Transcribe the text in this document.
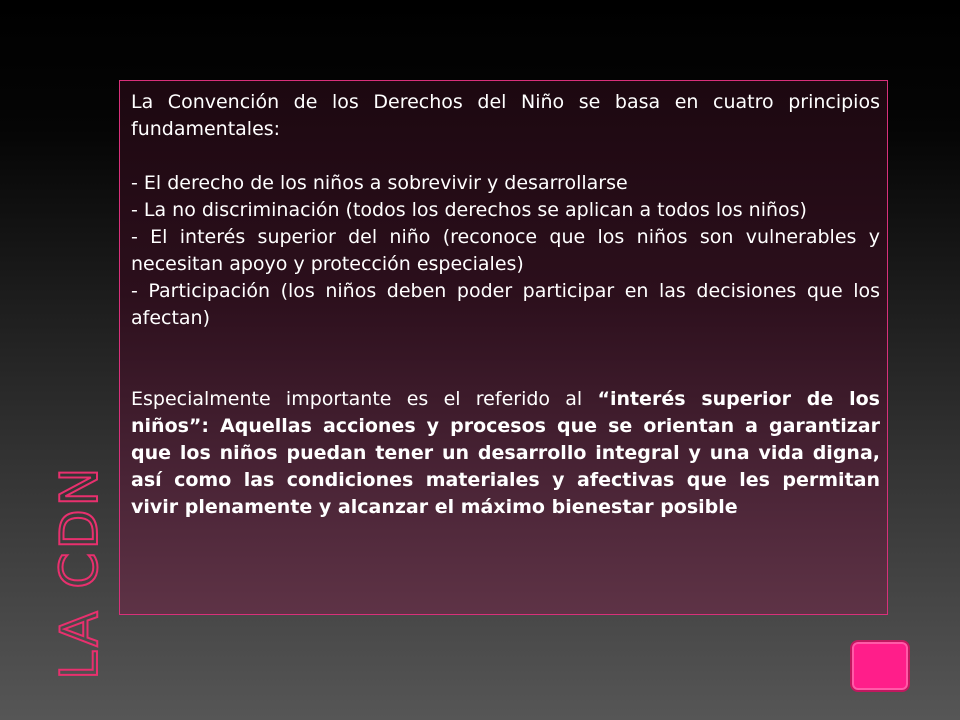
La Convención de los Derechos del Niño se basa en cuatro principios fundamentales:

- El derecho de los niños a sobrevivir y desarrollarse

- La no discriminación (todos los derechos se aplican a todos los niños)

- El interés superior del niño (reconoce que los niños son vulnerables y necesitan apoyo y protección especiales)

- Participación (los niños deben poder participar en las decisiones que los afectan)

Especialmente importante es el referido al “interés superior de los niños”: Aquellas acciones y procesos que se orientan a garantizar que los niños puedan tener un desarrollo integral y una vida digna, así como las condiciones materiales y afectivas que les permitan vivir plenamente y alcanzar el máximo bienestar posible

LA CDN
